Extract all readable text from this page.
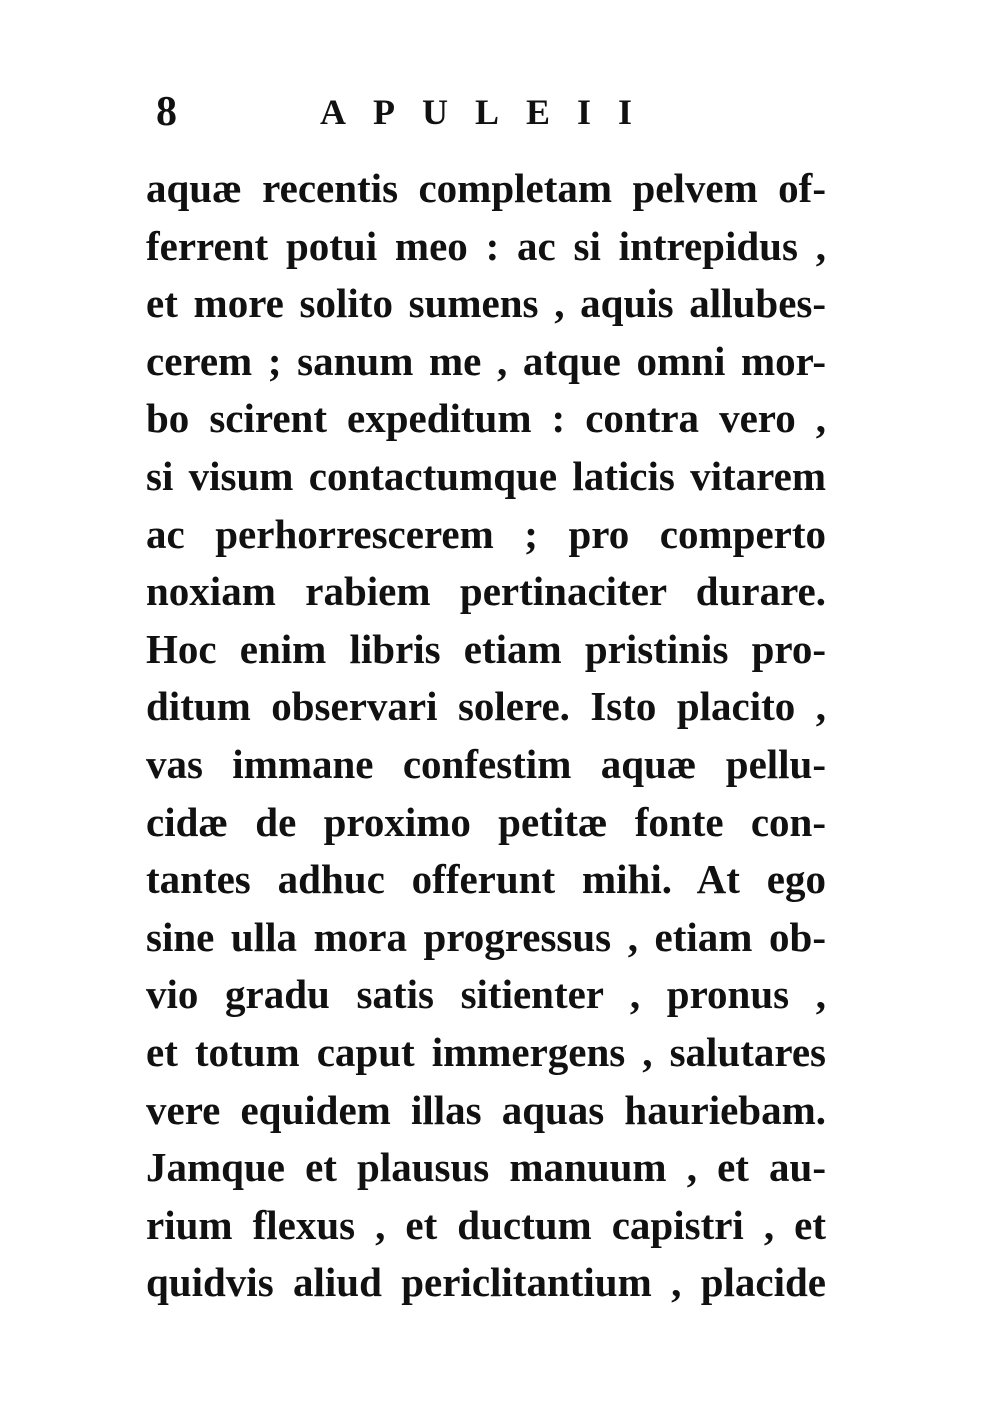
8	APULEII
aquæ recentis completam pelvem of-
ferrent potui meo : ac si intrepidus ,
et more solito sumens , aquis allubes-
cerem ; sanum me , atque omni mor-
bo scirent expeditum : contra vero ,
si visum contactumque laticis vitarem
ac perhorrescerem ; pro comperto
noxiam rabiem pertinaciter durare.
Hoc enim libris etiam pristinis pro-
ditum observari solere. Isto placito ,
vas immane confestim aquæ pellu-
cidæ de proximo petitæ fonte con-
tantes adhuc offerunt mihi. At ego
sine ulla mora progressus , etiam ob-
vio gradu satis sitienter , pronus ,
et totum caput immergens , salutares
vere equidem illas aquas hauriebam.
Jamque et plausus manuum , et au-
rium flexus , et ductum capistri , et
quidvis aliud periclitantium , placide
